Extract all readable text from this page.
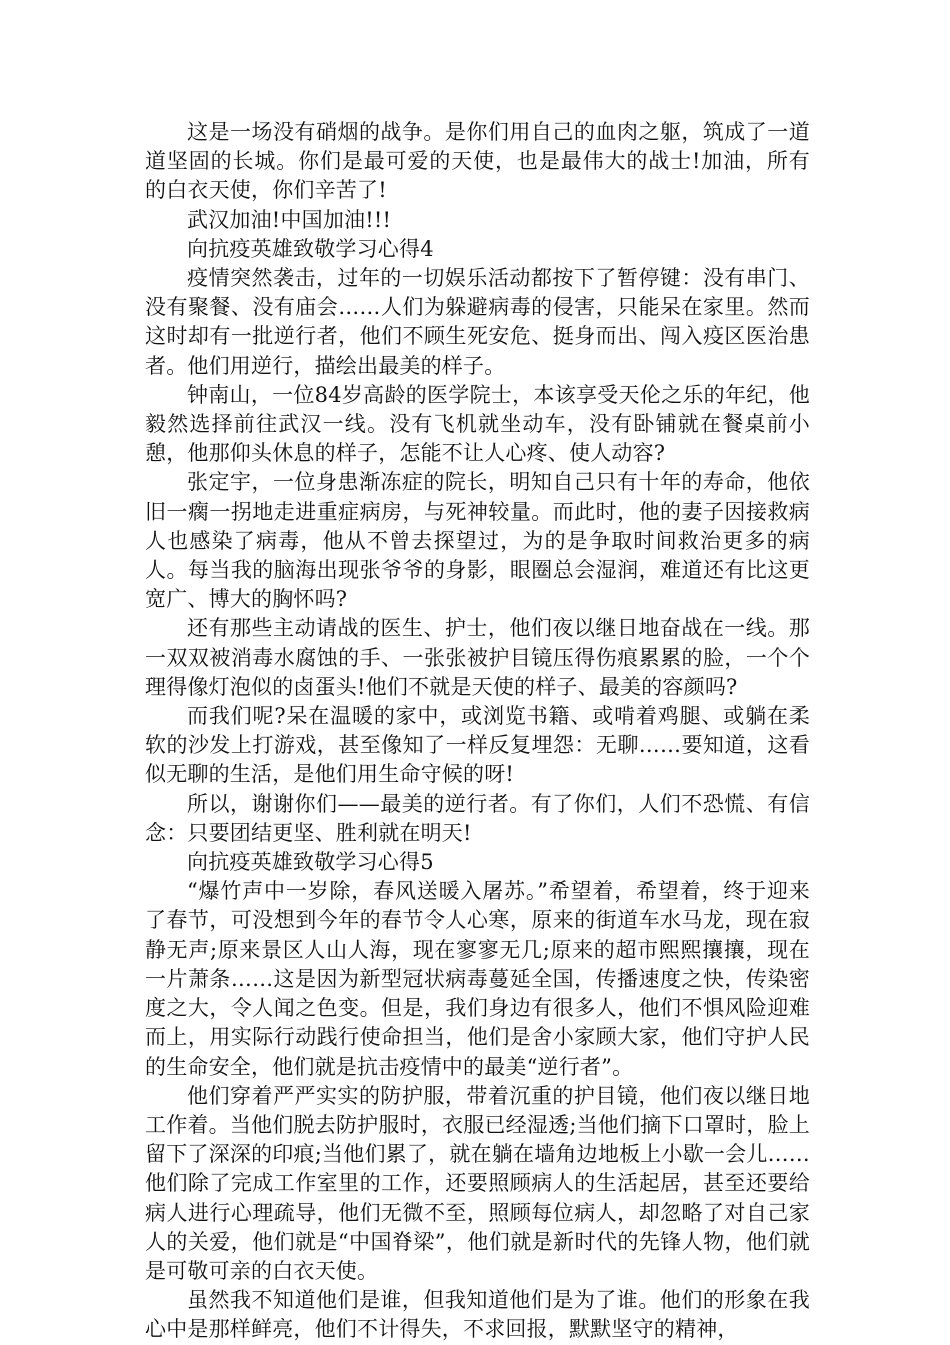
这是一场没有硝烟的战争。是你们用自己的血肉之躯，筑成了一道道坚固的长城。你们是最可爱的天使，也是最伟大的战士!加油，所有的白衣天使，你们辛苦了!

武汉加油!中国加油!!!

向抗疫英雄致敬学习心得4

疫情突然袭击，过年的一切娱乐活动都按下了暂停键：没有串门、没有聚餐、没有庙会……人们为躲避病毒的侵害，只能呆在家里。然而这时却有一批逆行者，他们不顾生死安危、挺身而出、闯入疫区医治患者。他们用逆行，描绘出最美的样子。

钟南山，一位84岁高龄的医学院士，本该享受天伦之乐的年纪，他毅然选择前往武汉一线。没有飞机就坐动车，没有卧铺就在餐桌前小憩，他那仰头休息的样子，怎能不让人心疼、使人动容?

张定宇，一位身患渐冻症的院长，明知自己只有十年的寿命，他依旧一瘸一拐地走进重症病房，与死神较量。而此时，他的妻子因接救病人也感染了病毒，他从不曾去探望过，为的是争取时间救治更多的病人。每当我的脑海出现张爷爷的身影，眼圈总会湿润，难道还有比这更宽广、博大的胸怀吗?

还有那些主动请战的医生、护士，他们夜以继日地奋战在一线。那一双双被消毒水腐蚀的手、一张张被护目镜压得伤痕累累的脸，一个个理得像灯泡似的卤蛋头!他们不就是天使的样子、最美的容颜吗?

而我们呢?呆在温暖的家中，或浏览书籍、或啃着鸡腿、或躺在柔软的沙发上打游戏，甚至像知了一样反复埋怨：无聊……要知道，这看似无聊的生活，是他们用生命守候的呀!

所以，谢谢你们——最美的逆行者。有了你们，人们不恐慌、有信念：只要团结更坚、胜利就在明天!

向抗疫英雄致敬学习心得5

“爆竹声中一岁除，春风送暖入屠苏。”希望着，希望着，终于迎来了春节，可没想到今年的春节令人心寒，原来的街道车水马龙，现在寂静无声;原来景区人山人海，现在寥寥无几;原来的超市熙熙攘攘，现在一片萧条……这是因为新型冠状病毒蔓延全国，传播速度之快，传染密度之大，令人闻之色变。但是，我们身边有很多人，他们不惧风险迎难而上，用实际行动践行使命担当，他们是舍小家顾大家，他们守护人民的生命安全，他们就是抗击疫情中的最美“逆行者”。

他们穿着严严实实的防护服，带着沉重的护目镜，他们夜以继日地工作着。当他们脱去防护服时，衣服已经湿透;当他们摘下口罩时，脸上留下了深深的印痕;当他们累了，就在躺在墙角边地板上小歇一会儿……他们除了完成工作室里的工作，还要照顾病人的生活起居，甚至还要给病人进行心理疏导，他们无微不至，照顾每位病人，却忽略了对自己家人的关爱，他们就是“中国脊梁”，他们就是新时代的先锋人物，他们就是可敬可亲的白衣天使。

虽然我不知道他们是谁，但我知道他们是为了谁。他们的形象在我心中是那样鲜亮，他们不计得失，不求回报，默默坚守的精神，
